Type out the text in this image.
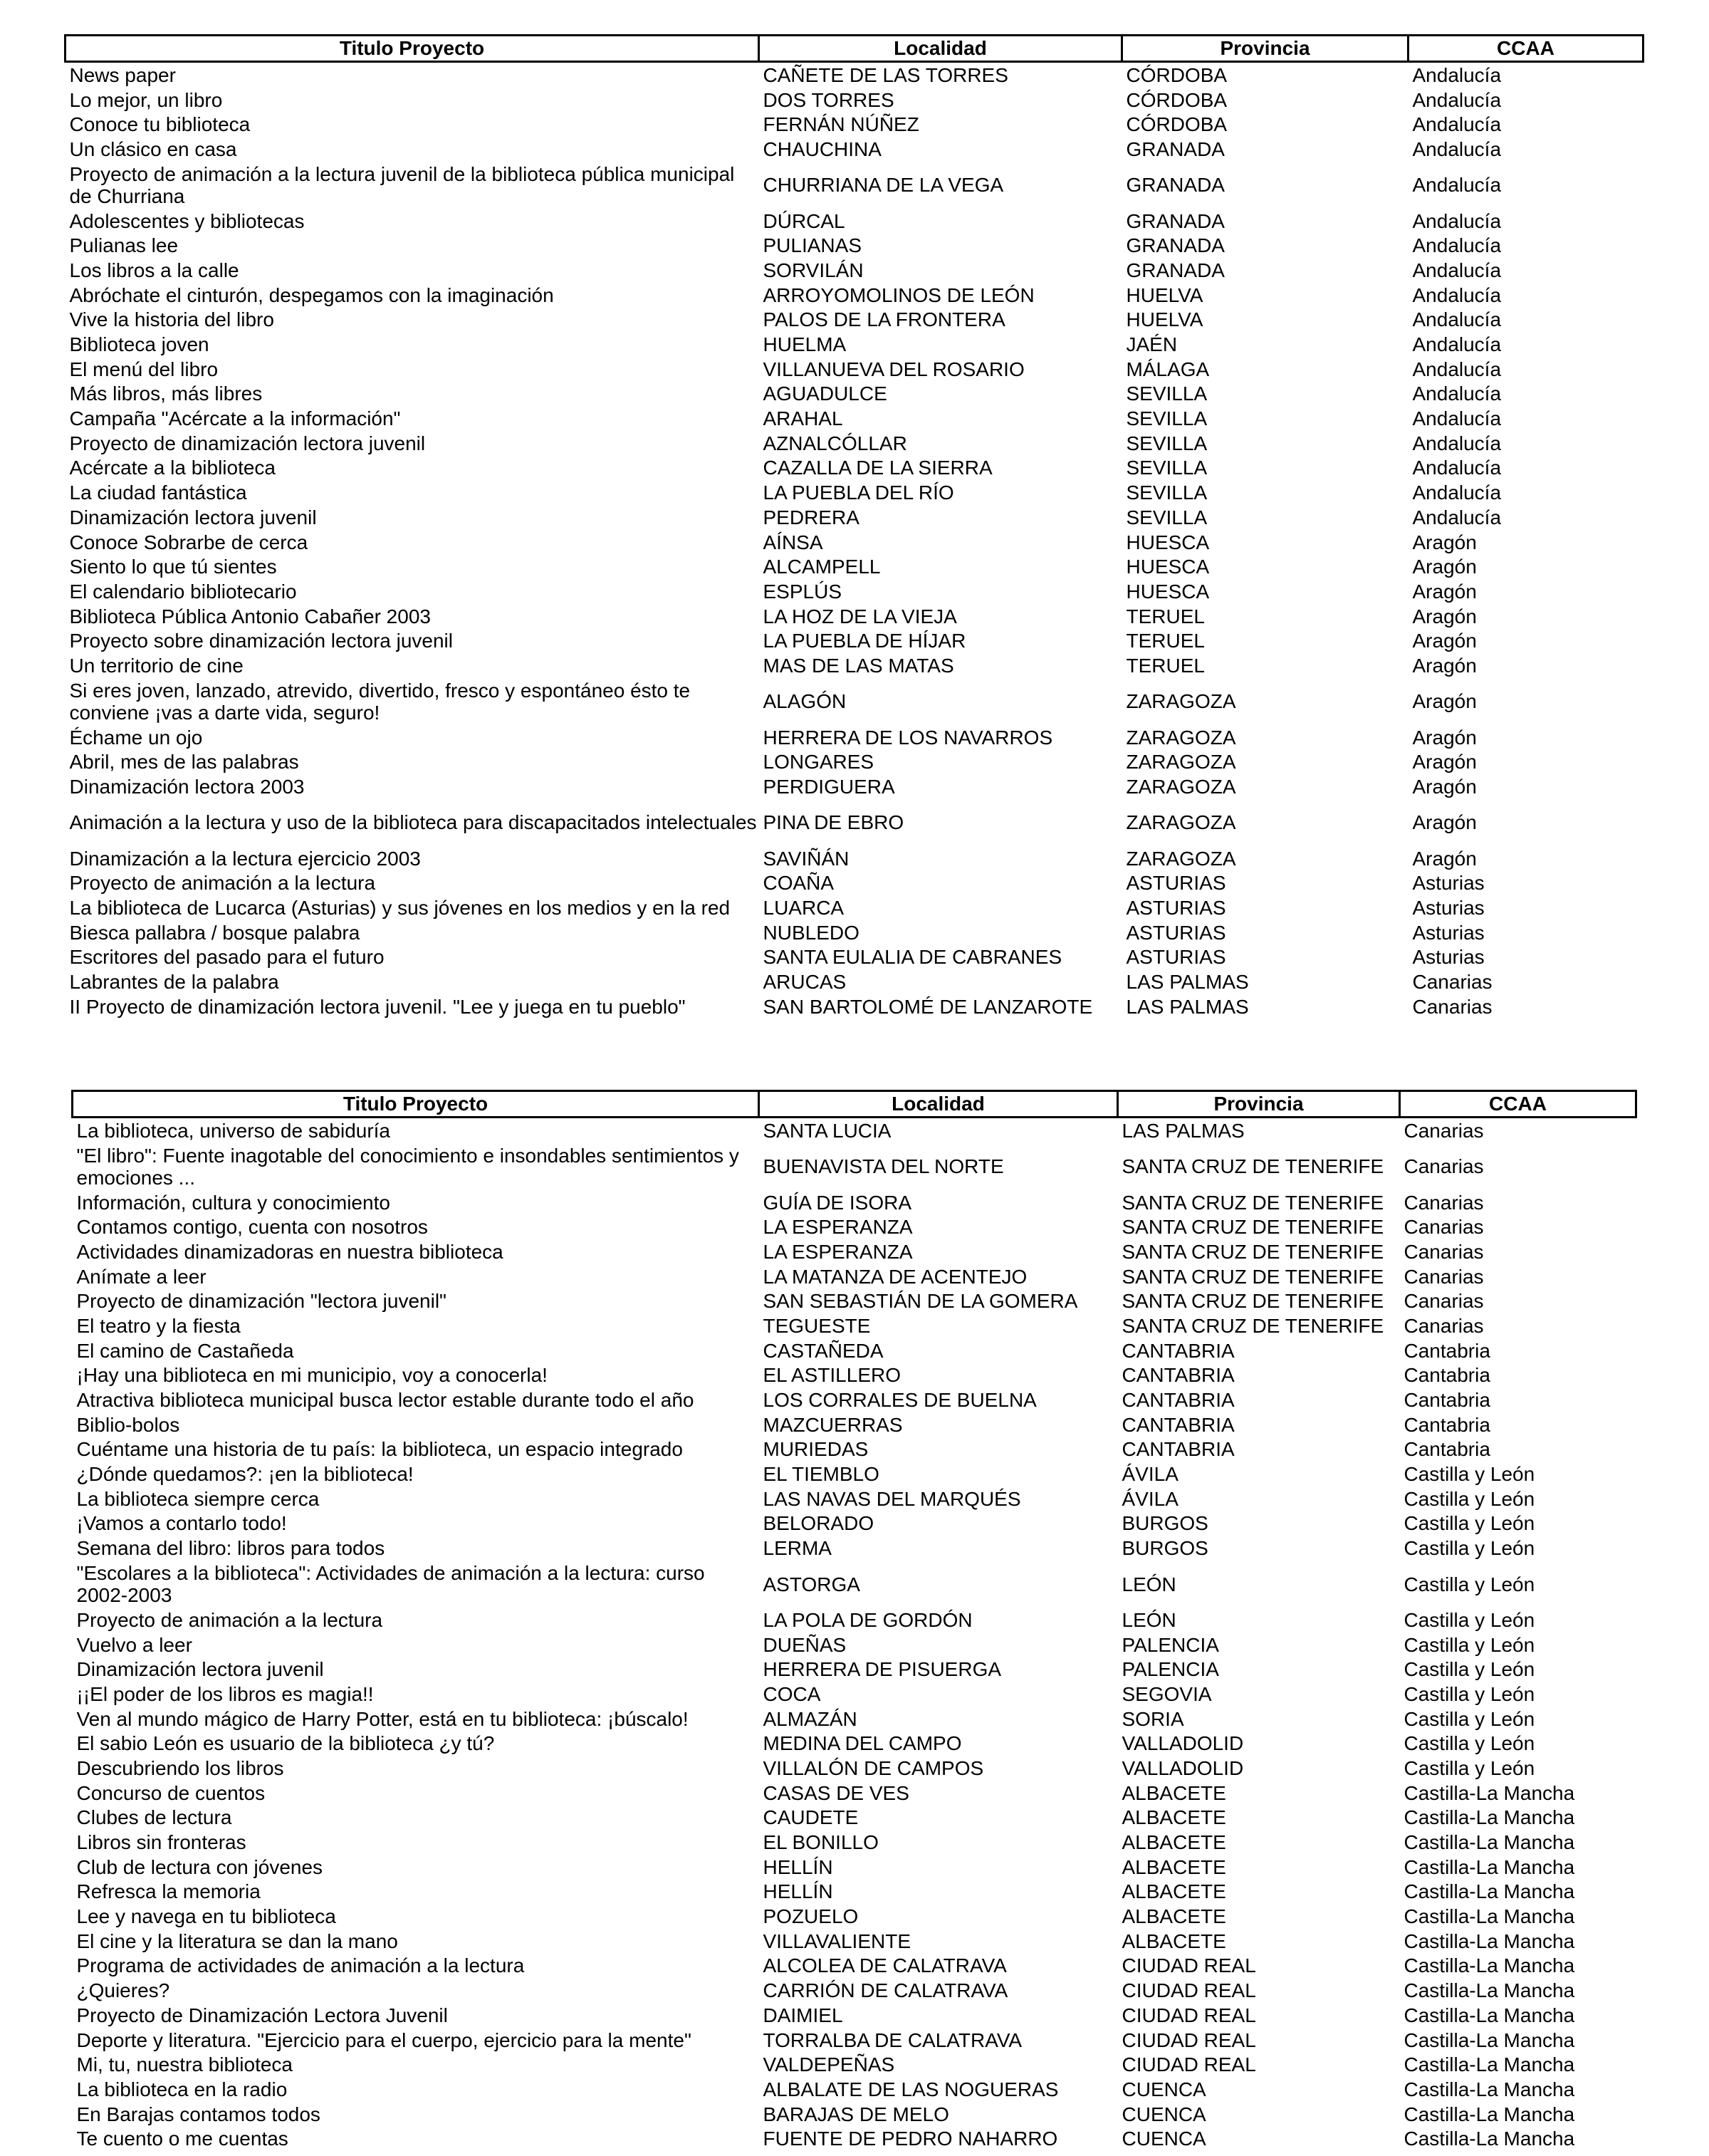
Titulo Proyecto	Localidad	Provincia	CCAA
News paper	CAÑETE DE LAS TORRES	CÓRDOBA	Andalucía
Lo mejor, un libro	DOS TORRES	CÓRDOBA	Andalucía
Conoce tu biblioteca	FERNÁN NÚÑEZ	CÓRDOBA	Andalucía
Un clásico en casa	CHAUCHINA	GRANADA	Andalucía
Proyecto de animación a la lectura juvenil de la biblioteca pública municipal de Churriana	CHURRIANA DE LA VEGA	GRANADA	Andalucía
Adolescentes y bibliotecas	DÚRCAL	GRANADA	Andalucía
Pulianas lee	PULIANAS	GRANADA	Andalucía
Los libros a la calle	SORVILÁN	GRANADA	Andalucía
Abróchate el cinturón, despegamos con la imaginación	ARROYOMOLINOS DE LEÓN	HUELVA	Andalucía
Vive la historia del libro	PALOS DE LA FRONTERA	HUELVA	Andalucía
Biblioteca joven	HUELMA	JAÉN	Andalucía
El menú del libro	VILLANUEVA DEL ROSARIO	MÁLAGA	Andalucía
Más libros, más libres	AGUADULCE	SEVILLA	Andalucía
Campaña "Acércate a la información"	ARAHAL	SEVILLA	Andalucía
Proyecto de dinamización lectora juvenil	AZNALCÓLLAR	SEVILLA	Andalucía
Acércate a la biblioteca	CAZALLA DE LA SIERRA	SEVILLA	Andalucía
La ciudad fantástica	LA PUEBLA DEL RÍO	SEVILLA	Andalucía
Dinamización lectora juvenil	PEDRERA	SEVILLA	Andalucía
Conoce Sobrarbe de cerca	AÍNSA	HUESCA	Aragón
Siento lo que tú sientes	ALCAMPELL	HUESCA	Aragón
El calendario bibliotecario	ESPLÚS	HUESCA	Aragón
Biblioteca Pública Antonio Cabañer 2003	LA HOZ DE LA VIEJA	TERUEL	Aragón
Proyecto sobre dinamización lectora juvenil	LA PUEBLA DE HÍJAR	TERUEL	Aragón
Un territorio de cine	MAS DE LAS MATAS	TERUEL	Aragón
Si eres joven, lanzado, atrevido, divertido, fresco y espontáneo ésto te conviene ¡vas a darte vida, seguro!	ALAGÓN	ZARAGOZA	Aragón
Échame un ojo	HERRERA DE LOS NAVARROS	ZARAGOZA	Aragón
Abril, mes de las palabras	LONGARES	ZARAGOZA	Aragón
Dinamización lectora 2003	PERDIGUERA	ZARAGOZA	Aragón
Animación a la lectura y uso de la biblioteca para discapacitados intelectuales	PINA DE EBRO	ZARAGOZA	Aragón
Dinamización a la lectura ejercicio 2003	SAVIÑÁN	ZARAGOZA	Aragón
Proyecto de animación a la lectura	COAÑA	ASTURIAS	Asturias
La biblioteca de Lucarca (Asturias) y sus jóvenes en los medios y en la red	LUARCA	ASTURIAS	Asturias
Biesca pallabra / bosque palabra	NUBLEDO	ASTURIAS	Asturias
Escritores del pasado para el futuro	SANTA EULALIA DE CABRANES	ASTURIAS	Asturias
Labrantes de la palabra	ARUCAS	LAS PALMAS	Canarias
II Proyecto de dinamización lectora juvenil. "Lee y juega en tu pueblo"	SAN BARTOLOMÉ DE LANZAROTE	LAS PALMAS	Canarias
Titulo Proyecto	Localidad	Provincia	CCAA
La biblioteca, universo de sabiduría	SANTA LUCIA	LAS PALMAS	Canarias
"El libro": Fuente inagotable del conocimiento e insondables sentimientos y emociones ...	BUENAVISTA DEL NORTE	SANTA CRUZ DE TENERIFE	Canarias
Información, cultura y conocimiento	GUÍA DE ISORA	SANTA CRUZ DE TENERIFE	Canarias
Contamos contigo, cuenta con nosotros	LA ESPERANZA	SANTA CRUZ DE TENERIFE	Canarias
Actividades dinamizadoras en nuestra biblioteca	LA ESPERANZA	SANTA CRUZ DE TENERIFE	Canarias
Anímate a leer	LA MATANZA DE ACENTEJO	SANTA CRUZ DE TENERIFE	Canarias
Proyecto de dinamización "lectora juvenil"	SAN SEBASTIÁN DE LA GOMERA	SANTA CRUZ DE TENERIFE	Canarias
El teatro y la fiesta	TEGUESTE	SANTA CRUZ DE TENERIFE	Canarias
El camino de Castañeda	CASTAÑEDA	CANTABRIA	Cantabria
¡Hay una biblioteca en mi municipio, voy a conocerla!	EL ASTILLERO	CANTABRIA	Cantabria
Atractiva biblioteca municipal busca lector estable durante todo el año	LOS CORRALES DE BUELNA	CANTABRIA	Cantabria
Biblio-bolos	MAZCUERRAS	CANTABRIA	Cantabria
Cuéntame una historia de tu país: la biblioteca, un espacio integrado	MURIEDAS	CANTABRIA	Cantabria
¿Dónde quedamos?: ¡en la biblioteca!	EL TIEMBLO	ÁVILA	Castilla y León
La biblioteca siempre cerca	LAS NAVAS DEL MARQUÉS	ÁVILA	Castilla y León
¡Vamos a contarlo todo!	BELORADO	BURGOS	Castilla y León
Semana del libro: libros para todos	LERMA	BURGOS	Castilla y León
"Escolares a la biblioteca": Actividades de animación a la lectura: curso 2002-2003	ASTORGA	LEÓN	Castilla y León
Proyecto de animación a la lectura	LA POLA DE GORDÓN	LEÓN	Castilla y León
Vuelvo a leer	DUEÑAS	PALENCIA	Castilla y León
Dinamización lectora juvenil	HERRERA DE PISUERGA	PALENCIA	Castilla y León
¡¡El poder de los libros es magia!!	COCA	SEGOVIA	Castilla y León
Ven al mundo mágico de Harry Potter, está en tu biblioteca: ¡búscalo!	ALMAZÁN	SORIA	Castilla y León
El sabio León es usuario de la biblioteca ¿y tú?	MEDINA DEL CAMPO	VALLADOLID	Castilla y León
Descubriendo los libros	VILLALÓN DE CAMPOS	VALLADOLID	Castilla y León
Concurso de cuentos	CASAS DE VES	ALBACETE	Castilla-La Mancha
Clubes de lectura	CAUDETE	ALBACETE	Castilla-La Mancha
Libros sin fronteras	EL BONILLO	ALBACETE	Castilla-La Mancha
Club de lectura con jóvenes	HELLÍN	ALBACETE	Castilla-La Mancha
Refresca la memoria	HELLÍN	ALBACETE	Castilla-La Mancha
Lee y navega en tu biblioteca	POZUELO	ALBACETE	Castilla-La Mancha
El cine y la literatura se dan la mano	VILLAVALIENTE	ALBACETE	Castilla-La Mancha
Programa de actividades de animación a la lectura	ALCOLEA DE CALATRAVA	CIUDAD REAL	Castilla-La Mancha
¿Quieres?	CARRIÓN DE CALATRAVA	CIUDAD REAL	Castilla-La Mancha
Proyecto de Dinamización Lectora Juvenil	DAIMIEL	CIUDAD REAL	Castilla-La Mancha
Deporte y literatura. "Ejercicio para el cuerpo, ejercicio para la mente"	TORRALBA DE CALATRAVA	CIUDAD REAL	Castilla-La Mancha
Mi, tu, nuestra biblioteca	VALDEPEÑAS	CIUDAD REAL	Castilla-La Mancha
La biblioteca en la radio	ALBALATE DE LAS NOGUERAS	CUENCA	Castilla-La Mancha
En Barajas contamos todos	BARAJAS DE MELO	CUENCA	Castilla-La Mancha
Te cuento o me cuentas	FUENTE DE PEDRO NAHARRO	CUENCA	Castilla-La Mancha
